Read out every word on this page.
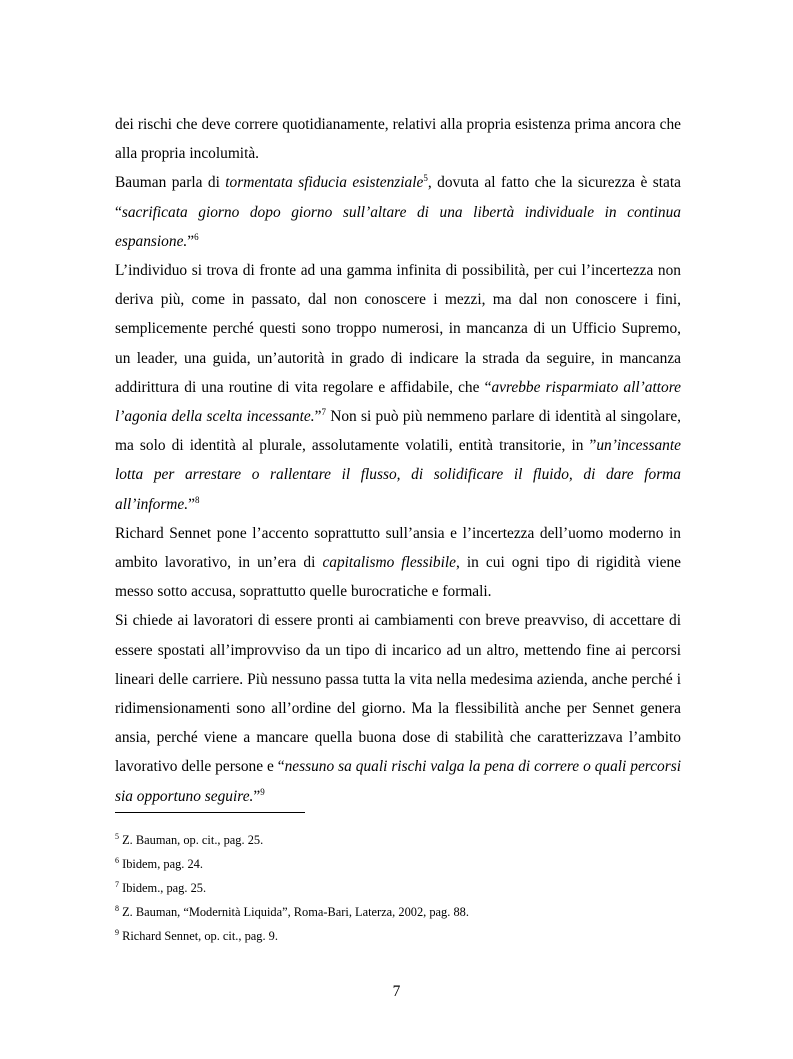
dei rischi che deve correre quotidianamente, relativi alla propria esistenza prima ancora che alla propria incolumità.

Bauman parla di tormentata sfiducia esistenziale$^5$, dovuta al fatto che la sicurezza è stata “sacrificata giorno dopo giorno sull’altare di una libertà individuale in continua espansione.”$^6$

L’individuo si trova di fronte ad una gamma infinita di possibilità, per cui l’incertezza non deriva più, come in passato, dal non conoscere i mezzi, ma dal non conoscere i fini, semplicemente perché questi sono troppo numerosi, in mancanza di un Ufficio Supremo, un leader, una guida, un’autorità in grado di indicare la strada da seguire, in mancanza addirittura di una routine di vita regolare e affidabile, che “avrebbe risparmiato all’attore l’agonia della scelta incessante.”$^7$ Non si può più nemmeno parlare di identità al singolare, ma solo di identità al plurale, assolutamente volatili, entità transitorie, in ”un’incessante lotta per arrestare o rallentare il flusso, di solidificare il fluido, di dare forma all’informe.”$^8$

Richard Sennet pone l’accento soprattutto sull’ansia e l’incertezza dell’uomo moderno in ambito lavorativo, in un’era di capitalismo flessibile, in cui ogni tipo di rigidità viene messo sotto accusa, soprattutto quelle burocratiche e formali.

Si chiede ai lavoratori di essere pronti ai cambiamenti con breve preavviso, di accettare di essere spostati all’improvviso da un tipo di incarico ad un altro, mettendo fine ai percorsi lineari delle carriere. Più nessuno passa tutta la vita nella medesima azienda, anche perché i ridimensionamenti sono all’ordine del giorno. Ma la flessibilità anche per Sennet genera ansia, perché viene a mancare quella buona dose di stabilità che caratterizzava l’ambito lavorativo delle persone e “nessuno sa quali rischi valga la pena di correre o quali percorsi sia opportuno seguire.”$^9$

$^5$ Z. Bauman, op. cit., pag. 25.

$^6$ Ibidem, pag. 24.

$^7$ Ibidem., pag. 25.

$^8$ Z. Bauman, “Modernità Liquida”, Roma-Bari, Laterza, 2002, pag. 88.

$^9$ Richard Sennet, op. cit., pag. 9.

7
